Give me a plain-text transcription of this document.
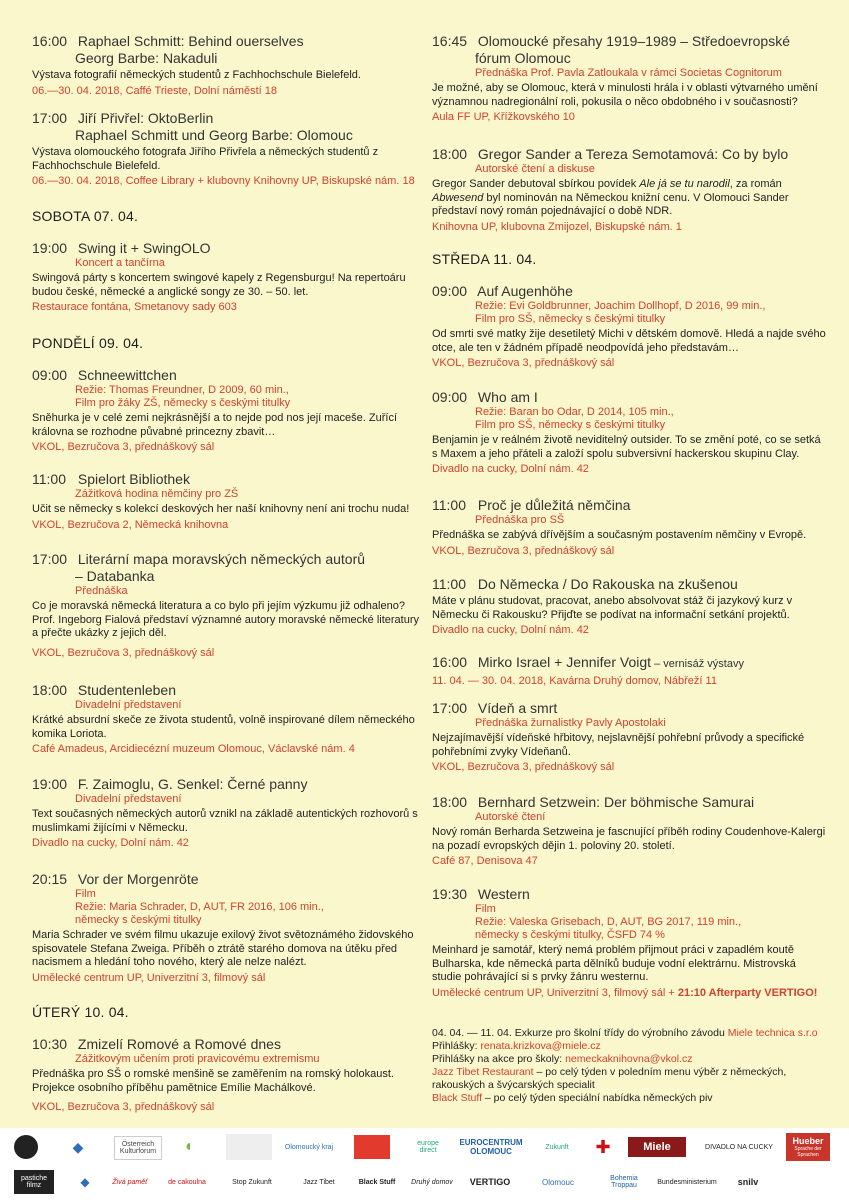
16:00 Raphael Schmitt: Behind ouerselves
Georg Barbe: Nakaduli

Výstava fotografií německých studentů z Fachhochschule Bielefeld.

06.—30. 04. 2018, Caffé Trieste, Dolní náměstí 18
17:00 Jiří Přivřel: OktoBerlin
Raphael Schmitt und Georg Barbe: Olomouc

Výstava olomouckého fotografa Jiřího Přivřela a německých studentů z Fachhochschule Bielefeld.

06.—30. 04. 2018, Coffee Library + klubovny Knihovny UP, Biskupské nám. 18
SOBOTA 07. 04.
19:00 Swing it + SwingOLO
Koncert a tančírna

Swingová párty s koncertem swingové kapely z Regensburgu! Na repertoáru budou české, německé a anglické songy ze 30. – 50. let.

Restaurace fontána, Smetanovy sady 603
PONDĚLÍ 09. 04.
09:00 Schneewittchen
Režie: Thomas Freundner, D 2009, 60 min.,
Film pro žáky ZŠ, německy s českými titulky

Sněhurka je v celé zemi nejkrásnější a to nejde pod nos její maceše. Zuřící královna se rozhodne půvabné princezny zbavit…

VKOL, Bezručova 3, přednáškový sál
11:00 Spielort Bibliothek
Zážitková hodina němčiny pro ZŠ

Učit se německy s kolekcí deskových her naší knihovny není ani trochu nuda!

VKOL, Bezručova 2, Německá knihovna
17:00 Literární mapa moravských německých autorů
– Databanka
Přednáška

Co je moravská německá literatura a co bylo při jejím výzkumu již odhaleno? Prof. Ingeborg Fialová představí významné autory moravské německé literatury a přečte ukázky z jejich děl.

VKOL, Bezručova 3, přednáškový sál
18:00 Studentenleben
Divadelní představení

Krátké absurdní skeče ze života studentů, volně inspirované dílem německého komika Loriota.

Café Amadeus, Arcidiecézní muzeum Olomouc, Václavské nám. 4
19:00 F. Zaimoglu, G. Senkel: Černé panny
Divadelní představení

Text současných německých autorů vznikl na základě autentických rozhovorů s muslimkami žijícími v Německu.

Divadlo na cucky, Dolní nám. 42
20:15 Vor der Morgenröte
Film
Režie: Maria Schrader, D, AUT, FR 2016, 106 min.,
německy s českými titulky

Maria Schrader ve svém filmu ukazuje exilový život světoznámého židovského spisovatele Stefana Zweiga. Příběh o ztrátě starého domova na útěku před nacismem a hledání toho nového, který ale nelze nalézt.

Umělecké centrum UP, Univerzitní 3, filmový sál
ÚTERÝ 10. 04.
10:30 Zmizelí Romové a Romové dnes
Zážitkovým učením proti pravicovému extremismu

Přednáška pro SŠ o romské menšině se zaměřením na romský holokaust. Projekce osobního příběhu pamětnice Emílie Machálkové.

VKOL, Bezručova 3, přednáškový sál
16:45 Olomoucké přesahy 1919–1989 – Středoevropské
fórum Olomouc
Přednáška Prof. Pavla Zatloukala v rámci Societas Cognitorum

Je možné, aby se Olomouc, která v minulosti hrála i v oblasti výtvarného umění významnou nadregionální roli, pokusila o něco obdobného i v současnosti?

Aula FF UP, Křížkovského 10
18:00 Gregor Sander a Tereza Semotamová: Co by bylo
Autorské čtení a diskuse

Gregor Sander debutoval sbírkou povídek Ale já se tu narodil, za román Abwesend byl nominován na Německou knižní cenu. V Olomouci Sander představí nový román pojednávající o době NDR.

Knihovna UP, klubovna Zmijozel, Biskupské nám. 1
STŘEDA 11. 04.
09:00 Auf Augenhöhe
Režie: Evi Goldbrunner, Joachim Dollhopf, D 2016, 99 min.,
Film pro SŠ, německy s českými titulky

Od smrti své matky žije desetiletý Michi v dětském domově. Hledá a najde svého otce, ale ten v žádném případě neodpovídá jeho představám…

VKOL, Bezručova 3, přednáškový sál
09:00 Who am I
Režie: Baran bo Odar, D 2014, 105 min.,
Film pro SŠ, německy s českými titulky

Benjamin je v reálném životě neviditelný outsider. To se změní poté, co se setká s Maxem a jeho přáteli a založí spolu subversivní hackerskou skupinu Clay.

Divadlo na cucky, Dolní nám. 42
11:00 Proč je důležitá němčina
Přednáška pro SŠ

Přednáška se zabývá dřívějším a současným postavením němčiny v Evropě.

VKOL, Bezručova 3, přednáškový sál
11:00 Do Německa / Do Rakouska na zkušenou

Máte v plánu studovat, pracovat, anebo absolvovat stáž či jazykový kurz v Německu či Rakousku? Přijďte se podívat na informační setkání projektů.

Divadlo na cucky, Dolní nám. 42
16:00 Mirko Israel + Jennifer Voigt – vernisáž výstavy
11. 04. — 30. 04. 2018, Kavárna Druhý domov, Nábřeží 11
17:00 Vídeň a smrt
Přednáška žurnalistky Pavly Apostolaki

Nejzajímavější vídeňské hřbitovy, nejslavnější pohřební průvody a specifické pohřebními zvyky Vídeňanů.

VKOL, Bezručova 3, přednáškový sál
18:00 Bernhard Setzwein: Der böhmische Samurai
Autorské čtení

Nový román Berharda Setzweina je fascnující příběh rodiny Coudenhove-Kalergi na pozadí evropských dějin 1. poloviny 20. století.

Café 87, Denisova 47
19:30 Western
Film
Režie: Valeska Grisebach, D, AUT, BG 2017, 119 min.,
německy s českými titulky, ČSFD 74 %

Meinhard je samotář, který nemá problém přijmout práci v zapadlém koutě Bulharska, kde německá parta dělníků buduje vodní elektrárnu. Mistrovská studie pohrávající si s prvky žánru westernu.

Umělecké centrum UP, Univerzitní 3, filmový sál + 21:10 Afterparty VERTIGO!
04. 04. — 11. 04. Exkurze pro školní třídy do výrobního závodu Miele technica s.r.o
Přihlášky: renata.krizkova@miele.cz
Přihlášky na akce pro školy: nemeckaknihovna@vkol.cz
Jazz Tibet Restaurant – po celý týden v poledním menu výběr z německých, rakouských a švýcarských specialit
Black Stuff – po celý týden speciální nabídka německých piv
◆	Österreich Kulturforum	◐	Olomoucký kraj	europe direct
EUROCENTRUM OLOMOUC	Zukunft	✚	Miele	DIVADLO NA CUCKY
Hueber
Sprache der Sprachen
pastiche filmz	◆	Živá paměť	de cakoulna	Stop Zukunft	Jazz Tibet	Black Stuff	Druhý domov	VERTIGO	Olomouc	Bohemia Troppau	Bundesministerium	snilv
